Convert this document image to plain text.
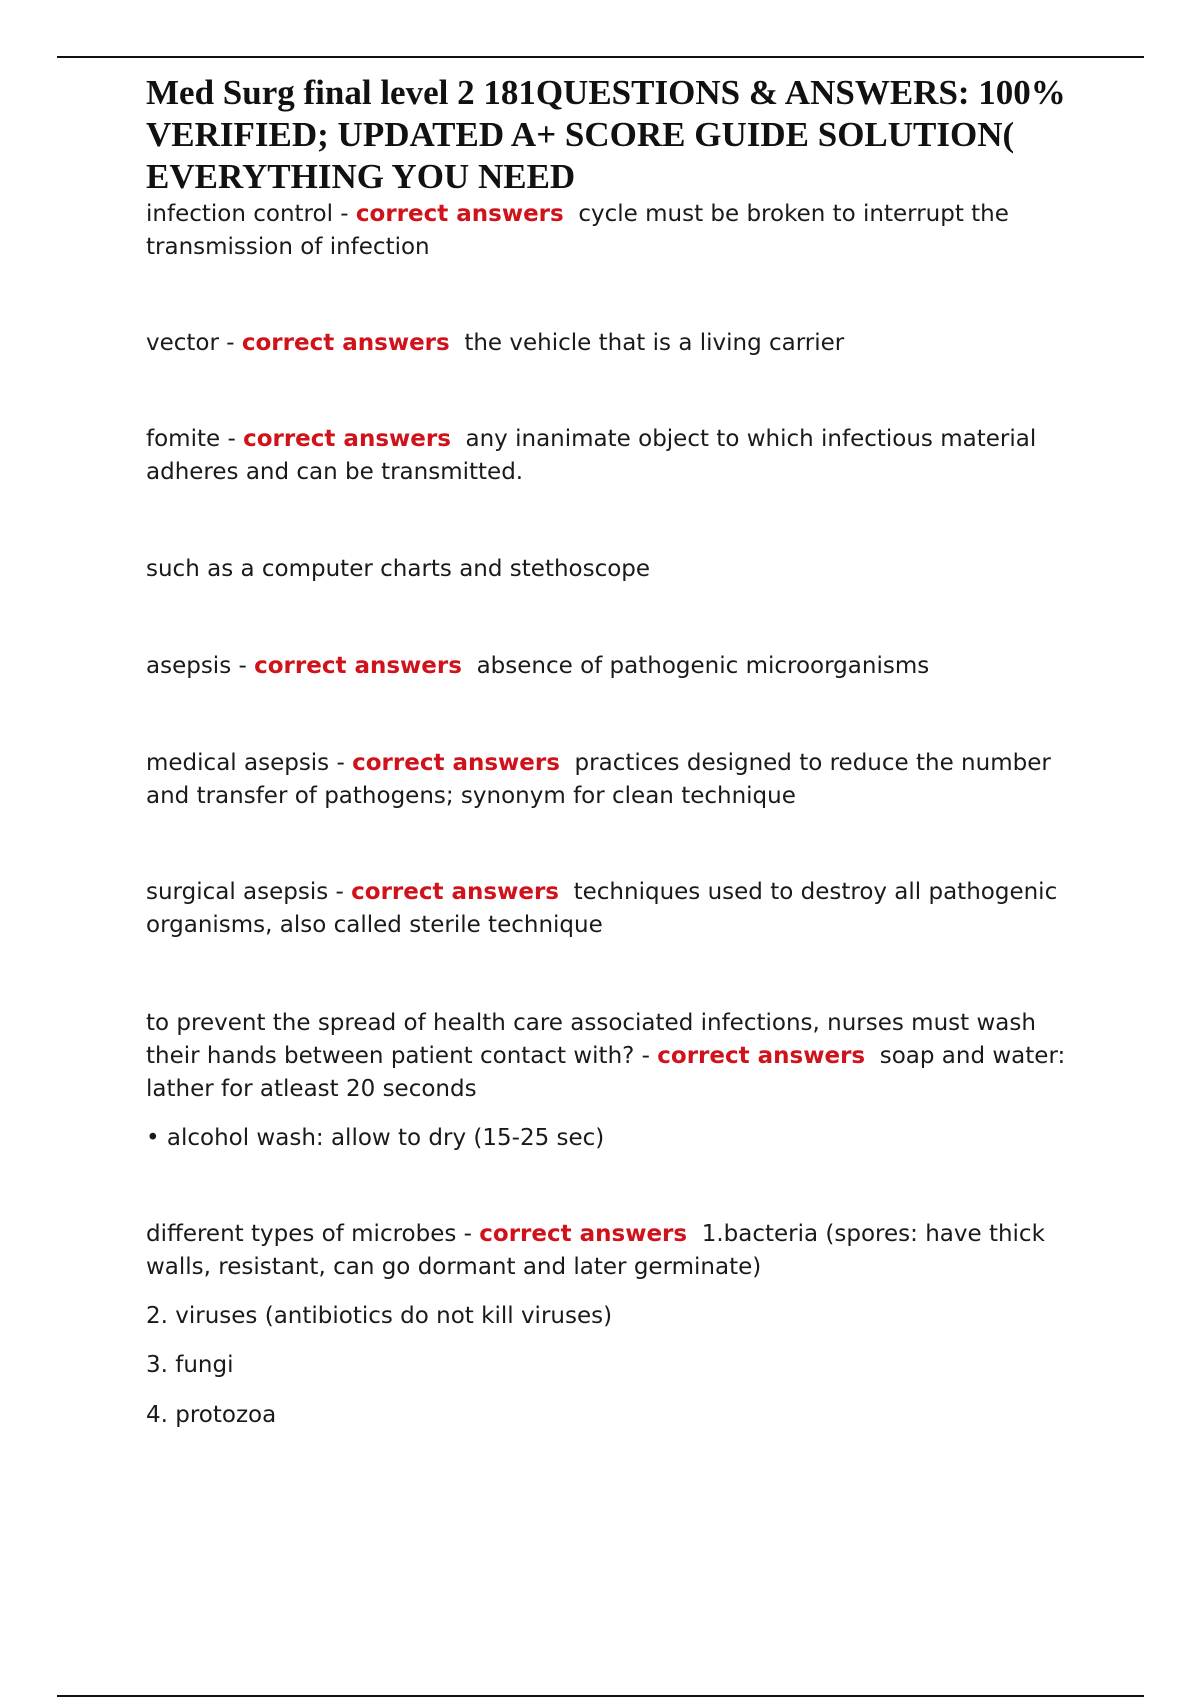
Med Surg final level 2 181QUESTIONS & ANSWERS: 100% VERIFIED; UPDATED A+ SCORE GUIDE SOLUTION( EVERYTHING YOU NEED

infection control - correct answers cycle must be broken to interrupt the transmission of infection

vector - correct answers the vehicle that is a living carrier

fomite - correct answers any inanimate object to which infectious material adheres and can be transmitted.

such as a computer charts and stethoscope

asepsis - correct answers absence of pathogenic microorganisms

medical asepsis - correct answers practices designed to reduce the number and transfer of pathogens; synonym for clean technique

surgical asepsis - correct answers techniques used to destroy all pathogenic organisms, also called sterile technique

to prevent the spread of health care associated infections, nurses must wash their hands between patient contact with? - correct answers soap and water: lather for atleast 20 seconds

• alcohol wash: allow to dry (15-25 sec)

different types of microbes - correct answers 1.bacteria (spores: have thick walls, resistant, can go dormant and later germinate)

2. viruses (antibiotics do not kill viruses)

3. fungi

4. protozoa
